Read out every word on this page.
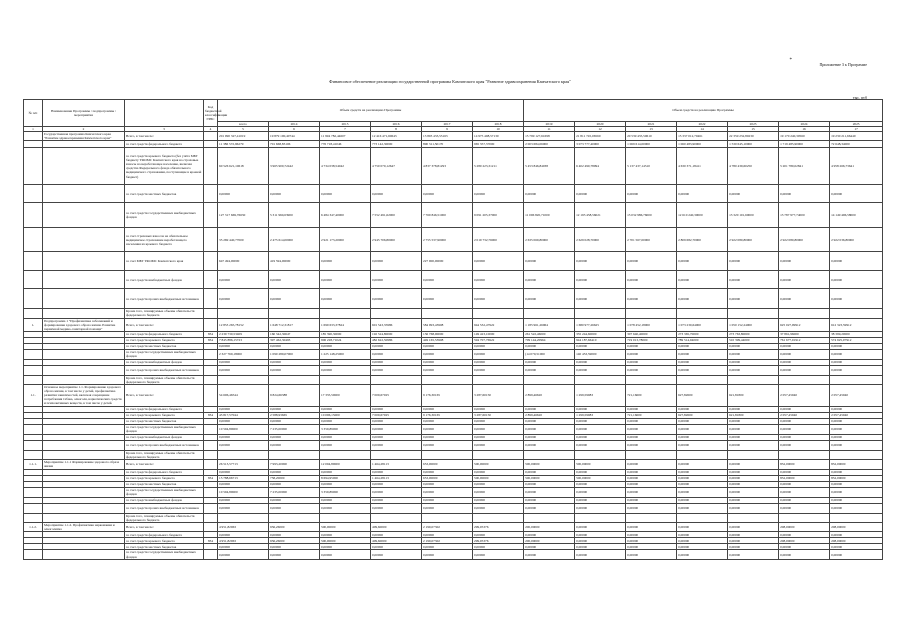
*
Приложение 3 к Программе
Финансовое обеспечение реализации государственной программы Камчатского края "Развитие здравоохранения Камчатского края"
тыс. руб
№ п/п	Наименование Программы / подпрограммы / мероприятия		Код бюджетной классификации ГРБС	Объем средств на реализацию Программы						Объем средств на реализацию Программы						
				всего	2014	2015	2016	2017	2018	2019	2020	2021	2022	2023	2024	2025
1	2	3	4	5	6	7	8	9	10	11	12	13	14	15	16	17
	Государственная программа Камчатского края "Развитие здравоохранения Камчатского края"	Всего, в том числе:		201 990 327,41019	19 879 190,40744	11 994 782,44607	12 416 471,60643	13 893 433,53163	14 975 498,57130	15 799 127,61698	21 811 745,06560	20 539 435,50610	15 337 012,70461	22 359 232,80230	19 170 240,30560	19 230 211,66440
		за счет средств федерального бюджета		11 386 572,96279	701 668,83106	776 718,41046	773 142,30000	890 311,50170	965 357,37000	2 003 684,06000	3 073 777,40000	1 069 614,00000	1 060 483,90000	1 530 645,10000	1 719 485,90000	72 648,34000
		за счет средств краевого бюджета (без учёта МБТ бюджету ТФОМС Камчатского края на страховые взносы на неработающее население, включая средства Федерального фонда обязательного медицинского страхования, поступающие в краевой бюджет)		60 526 621,10618	3 965 900,72442	4 734 038,54042	4 750 070,12647	4 837 378,81293	5 280 223,31211	5 453 846,84038	6 402 490,78094	5 137 437,14510	4 630 371,18411	4 780 439,60250	5 201 780,02841	4 958 266,73641
		за счет средств местных бюджетов		0,00000	0,00000	0,00000	0,00000	0,00000	0,00000	0,00000	0,00000	0,00000	0,00000	0,00000	0,00000	0,00000
		за счет средств государственных внебюджетных фондов		127 317 669,76630	5 311 960,63900	6 484 347,40000	7 552 491,62000	7 769 846,51000	9 091 205,37000	11 096 820,71000	12 193 458,56021	13 032 986,76000	12 610 240,30000	13 320 101,60000	13 787 977,74000	14 149 496,58000
		за счет страховых взносов на обязательное медицинское страхование неработающего населения из краевого бюджета		35 269 440,77000	2 475 614,00000	2 921 173,20000	2 945 706,80000	2 755 537,90000	2 019 732,76000	2 635 069,80000	2 629 028,70000	2 701 567,00000	2 809 682,70000	2 922 080,80000	2 922 080,80000	2 922 036,80000
		за счет МБТ ТФОМС Камчатского края		647 494,00000	419 594,00000	0,00000	0,00000	227 900,00000	0,00000	0,00000	0,00000	0,00000	0,00000	0,00000	0,00000	0,00000
		за счет средств внебюджетных фондов		0,00000	0,00000	0,00000	0,00000	0,00000	0,00000	0,00000	0,00000	0,00000	0,00000	0,00000	0,00000	0,00000
		за счет средств прочих внебюджетных источников		0,00000	0,00000	0,00000	0,00000	0,00000	0,00000	0,00000	0,00000	0,00000	0,00000	0,00000	0,00000	0,00000
		Кроме того, планируемые объемы обязательств федерального бюджета														
1.	Подпрограмма 1 "Профилактика заболеваний и формирование здорового образа жизни. Развитие первичной медико-санитарной помощи"	Всего, в том числе:		12 853 265,78152	1 648 712,31817	1 699 633,37824	601 543,35986	584 993,43908	944 532,47922	1 185 961,26964	1 680 977,26625	1 078 452,18000	1 073 230,64000	1 050 152,24000	625 027,99912	612 323,59912
		за счет средств федерального бюджета	834	2 239 730,53409	160 342,30647	185 390,30000	192 524,80000	136 768,90000	149 423,10000	261 522,46000	335 244,60000	307 640,40000	273 365,70000	273 763,80000	37 861,96000	38 399,20000
		за счет средств краевого бюджета	834	7 845 886,15723	397 462,30493	906 228,71024	482 622,50986	449 165,53908	594 707,76922	709 144,20964	944 187,66410	719 013,78000	789 514,94000	510 399,44000	761 677,91912	574 925,07912
		за счет средств местных бюджетов		0,00000	0,00000	0,00000	0,00000	0,00000	0,00000	0,00000	0,00000	0,00000	0,00000	0,00000	0,00000	0,00000
		за счет средств государственных внебюджетных фондов		2 327 769,18000	1 090 289,07000	1 225 148,25000	0,00000	0,00000	0,00000	(14 070,51000	140 453,59000	0,00000	0,00000	0,00000	0,00000	0,00000
		за счет средств внебюджетных фондов		0,00000	0,00000	0,00000	0,00000	0,00000	0,00000	0,00000	0,00000	0,00000	0,00000	0,00000	0,00000	0,00000
		за счет средств прочих внебюджетных источников		0,00000	0,00000	0,00000	0,00000	0,00000	0,00000	0,00000	0,00000	0,00000	0,00000	0,00000	0,00000	0,00000
		Кроме того, планируемые объемы обязательств федерального бюджета														
1.1.	Основное мероприятие 1.1. Формирование здорового образа жизни, в том числе у детей, профилактика развития зависимостей, включая сокращение потребления табака, алкоголя, наркотических средств и психоактивных веществ, в том числе у детей.	Всего, в том числе:		54 606,46544	9 824,66388	17 335,59000	7 009,67025	9 176,30165	3 287,60150	2 899,46620	1 299,59983	721,16600	627,82600	621,81800	2 057,45940	2 057,45940
		за счет средств федерального бюджета		0,00000	0,00000	0,00000	0,00000	0,00000	0,00000	0,00000	0,00000	0,00000	0,00000	0,00000	0,00000	0,00000
		за счет средств краевого бюджета	834	43 817,57044	2 588,93665	10 096,15000	7 009,67025	9 176,30165	3 287,60150	2 899,46620	1 299,59983	721,16600	627,82600	621,81800	2 057,45940	2 057,45940
		за счет средств местных бюджетов		0,00000	0,00000	0,00000	0,00000	0,00000	0,00000	0,00000	0,00000	0,00000	0,00000	0,00000	0,00000	0,00000
		за счет средств государственных внебюджетных фондов		10 594,89000	7 235,00000	3 359,89000	0,00000	0,00000	0,00000	0,00000	0,00000	0,00000	0,00000	0,00000	0,00000	0,00000
		за счет средств внебюджетных фондов		0,00000	0,00000	0,00000	0,00000	0,00000	0,00000	0,00000	0,00000	0,00000	0,00000	0,00000	0,00000	0,00000
		за счет средств прочих внебюджетных источников		0,00000	0,00000	0,00000	0,00000	0,00000	0,00000	0,00000	0,00000	0,00000	0,00000	0,00000	0,00000	0,00000
		Кроме того, планируемые объемы обязательств федерального бюджета														
1.1.1.	Мероприятие 1.1.1 Формирование здорового образа жизни	Всего, в том числе:		26 513,57713	7 993,20000	12 094,89000	1 464,28113	653,00000	500,00000	500,00000	500,00000	0,00000	0,00000	0,00000	832,00000	832,00000
		за счет средств федерального бюджета		0,00000	0,00000	0,00000	0,00000	0,00000	0,00000	0,00000	0,00000	0,00000	0,00000	0,00000	0,00000	0,00000
		за счет средств краевого бюджета	834	15 788,66713	758,20000	8 694,95000	1 464,28113	653,00000	500,00000	500,00000	500,00000	0,00000	0,00000	0,00000	832,00000	832,00000
		за счет средств местных бюджетов		0,00000	0,00000	0,00000	0,00000	0,00000	0,00000	0,00000	0,00000	0,00000	0,00000	0,00000	0,00000	0,00000
		за счет средств государственных внебюджетных фондов		10 594,89000	7 235,00000	3 359,89000	0,00000	0,00000	0,00000	0,00000	0,00000	0,00000	0,00000	0,00000	0,00000	0,00000
		за счет средств внебюджетных фондов		0,00000	0,00000	0,00000	0,00000	0,00000	0,00000	0,00000	0,00000	0,00000	0,00000	0,00000	0,00000	0,00000
		за счет средств прочих внебюджетных источников		0,00000	0,00000	0,00000	0,00000	0,00000	0,00000	0,00000	0,00000	0,00000	0,00000	0,00000	0,00000	0,00000
		Кроме того, планируемые объемы обязательств федерального бюджета														
1.1.2.	Мероприятие 1.1.2. Профилактика наркомании и алкоголизма	Всего, в том числе:		4 951,82963	936,26000	500,00000	409,60000	2 199,07302	299,05376	200,00000	0,00000	0,00000	0,00000	0,00000	208,00000	208,00000
		за счет средств федерального бюджета		0,00000	0,00000	0,00000	0,00000	0,00000	0,00000	0,00000	0,00000	0,00000	0,00000	0,00000	0,00000	0,00000
		за счет средств краевого бюджета	834	4 951,82963	936,26000	500,00000	409,60000	2 199,07302	299,05376	200,00000	0,00000	0,00000	0,00000	0,00000	208,00000	208,00000
		за счет средств местных бюджетов		0,00000	0,00000	0,00000	0,00000	0,00000	0,00000	0,00000	0,00000	0,00000	0,00000	0,00000	0,00000	0,00000
		за счет средств государственных внебюджетных фондов		0,00000	0,00000	0,00000	0,00000	0,00000	0,00000	0,00000	0,00000	0,00000	0,00000	0,00000	0,00000	0,00000
